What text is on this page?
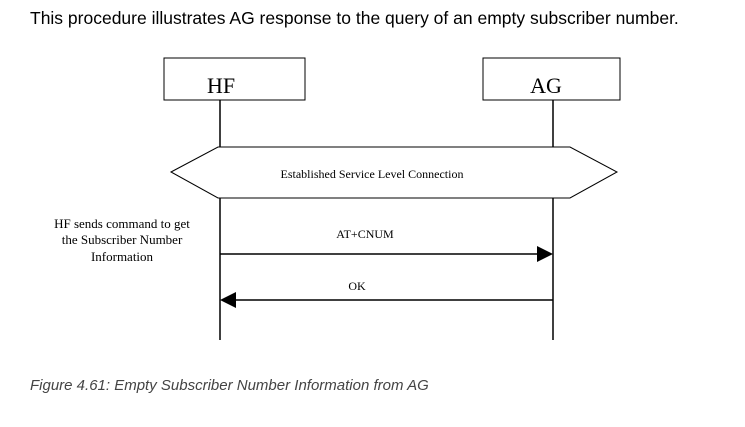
This procedure illustrates AG response to the query of an empty subscriber number.

HF	AG
Established Service Level Connection
HF sends command to get
the Subscriber Number
Information
AT+CNUM
OK

Figure 4.61: Empty Subscriber Number Information from AG
